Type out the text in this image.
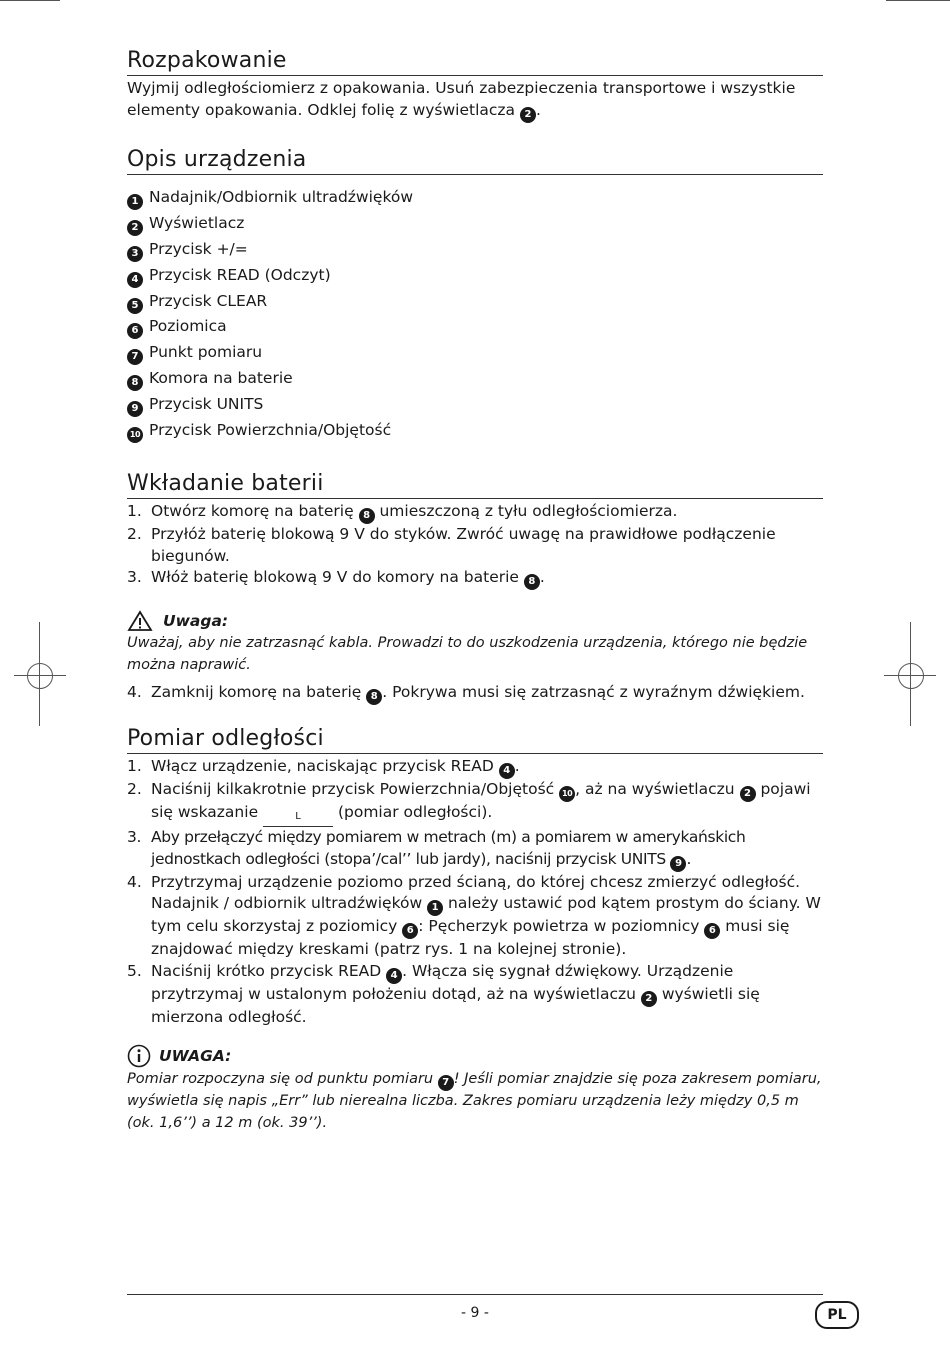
Rozpakowanie

Wyjmij odległościomierz z opakowania. Usuń zabezpieczenia transportowe i wszystkie elementy opakowania. Odklej folię z wyświetlacza 2 .

Opis urządzenia
1 Nadajnik/Odbiornik ultradźwięków
2 Wyświetlacz
3 Przycisk +/=
4 Przycisk READ (Odczyt)
5 Przycisk CLEAR
6 Poziomica
7 Punkt pomiaru
8 Komora na baterie
9 Przycisk UNITS
10 Przycisk Powierzchnia/Objętość
Wkładanie baterii
1. Otwórz komorę na baterię 8 umieszczoną z tyłu odległościomierza.
2. Przyłóż baterię blokową 9 V do styków. Zwróć uwagę na prawidłowe podłączenie biegunów.
3. Włóż baterię blokową 9 V do komory na baterie 8 .
Uwaga:

Uważaj, aby nie zatrzasnąć kabla. Prowadzi to do uszkodzenia urządzenia, którego nie będzie można naprawić.

4. Zamknij komorę na baterię 8 . Pokrywa musi się zatrzasnąć z wyraźnym dźwiękiem.
Pomiar odległości
1. Włącz urządzenie, naciskając przycisk READ 4 .
2. Naciśnij kilkakrotnie przycisk Powierzchnia/Objętość 10 , aż na wyświetlaczu 2 pojawi się wskazanie	L (pomiar odległości).
3. Aby przełączyć między pomiarem w metrach (m) a pomiarem w amerykańskich jednostkach odległości (stopa’/cal’’ lub jardy), naciśnij przycisk UNITS 9 .
4. Przytrzymaj urządzenie poziomo przed ścianą, do której chcesz zmierzyć odległość. Nadajnik / odbiornik ultradźwięków 1 należy ustawić pod kątem prostym do ściany. W tym celu skorzystaj z poziomicy 6 : Pęcherzyk powietrza w poziomnicy 6 musi się znajdować między kreskami (patrz rys. 1 na kolejnej stronie).
5. Naciśnij krótko przycisk READ 4 . Włącza się sygnał dźwiękowy. Urządzenie przytrzymaj w ustalonym położeniu dotąd, aż na wyświetlaczu 2 wyświetli się mierzona odległość.
UWAGA:

Pomiar rozpoczyna się od punktu pomiaru 7 ! Jeśli pomiar znajdzie się poza zakresem pomiaru, wyświetla się napis „Err” lub nierealna liczba. Zakres pomiaru urządzenia leży między 0,5 m (ok. 1,6’’) a 12 m (ok. 39’’).

- 9 -	PL
